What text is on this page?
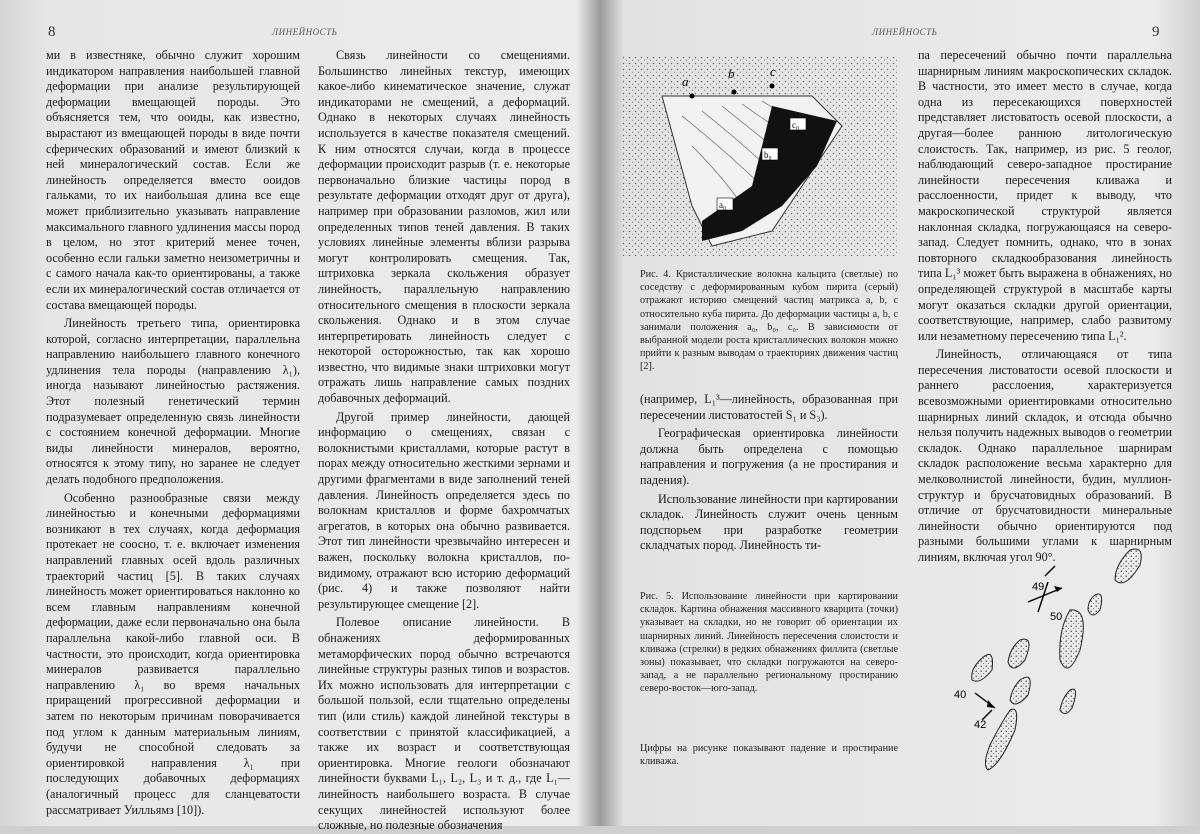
8	ЛИНЕЙНОСТЬ

ми в известняке, обычно служит хорошим индикатором направления наибольшей главной деформации при анализе результирующей деформации вмещающей породы. Это объясняется тем, что ооиды, как известно, вырастают из вмещающей породы в виде почти сферических образований и имеют близкий к ней минералогический состав. Если же линейность определяется вместо ооидов гальками, то их наибольшая длина все еще может приблизительно указывать направление максимального главного удлинения массы пород в целом, но этот критерий менее точен, особенно если гальки заметно неизометричны и с самого начала как-то ориентированы, а также если их минералогический состав отличается от состава вмещающей породы.

Линейность третьего типа, ориентировка которой, согласно интерпретации, параллельна направлению наибольшего главного конечного удлинения тела породы (направлению λ₁), иногда называют линейностью растяжения. Этот полезный генетический термин подразумевает определенную связь линейности с состоянием конечной деформации. Многие виды линейности минералов, вероятно, относятся к этому типу, но заранее не следует делать подобного предположения.

Особенно разнообразные связи между линейностью и конечными деформациями возникают в тех случаях, когда деформация протекает не соосно, т. е. включает изменения направлений главных осей вдоль различных траекторий частиц [5]. В таких случаях линейность может ориентироваться наклонно ко всем главным направлениям конечной деформации, даже если первоначально она была параллельна какой-либо главной оси. В частности, это происходит, когда ориентировка минералов развивается параллельно направлению λ₁ во время начальных приращений прогрессивной деформации и затем по некоторым причинам поворачивается под углом к данным материальным линиям, будучи не способной следовать за ориентировкой направления λ₁ при последующих добавочных деформациях (аналогичный процесс для сланцеватости рассматривает Уилльямз [10]).

Связь линейности со смещениями. Большинство линейных текстур, имеющих какое-либо кинематическое значение, служат индикаторами не смещений, а деформаций. Однако в некоторых случаях линейность используется в качестве показателя смещений. К ним относятся случаи, когда в процессе деформации происходит разрыв (т. е. некоторые первоначально близкие частицы пород в результате деформации отходят друг от друга), например при образовании разломов, жил или определенных типов теней давления. В таких условиях линейные элементы вблизи разрыва могут контролировать смещения. Так, штриховка зеркала скольжения образует линейность, параллельную направлению относительного смещения в плоскости зеркала скольжения. Однако и в этом случае интерпретировать линейность следует с некоторой осторожностью, так как хорошо известно, что видимые знаки штриховки могут отражать лишь направление самых поздних добавочных деформаций.

Другой пример линейности, дающей информацию о смещениях, связан с волокнистыми кристаллами, которые растут в порах между относительно жесткими зернами и другими фрагментами в виде заполнений теней давления. Линейность определяется здесь по волокнам кристаллов и форме бахромчатых агрегатов, в которых она обычно развивается. Этот тип линейности чрезвычайно интересен и важен, поскольку волокна кристаллов, по-видимому, отражают всю историю деформаций (рис. 4) и также позволяют найти результирующее смещение [2].

Полевое описание линейности. В обнажениях деформированных метаморфических пород обычно встречаются линейные структуры разных типов и возрастов. Их можно использовать для интерпретации с большой пользой, если тщательно определены тип (или стиль) каждой линейной текстуры в соответствии с принятой классификацией, а также их возраст и соответствующая ориентировка. Многие геологи обозначают линейности буквами L₁, L₂, L₃ и т. д., где L₁—линейность наибольшего возраста. В случае секущих линейностей используют более сложные, но полезные обозначения

ЛИНЕЙНОСТЬ	9
a
b	c
a₀
b₀
c₀
Рис. 4. Кристаллические волокна кальцита (светлые) по соседству с деформированным кубом пирита (серый) отражают историю смещений частиц матрикса a, b, c относительно куба пирита. До деформации частицы a, b, c занимали положения a₀, b₀, c₀. В зависимости от выбранной модели роста кристаллических волокон можно прийти к разным выводам о траекториях движения частиц [2].

(например, L₁³—линейность, образованная при пересечении листоватостей S₁ и S₃).

Географическая ориентировка линейности должна быть определена с помощью направления и погружения (а не простирания и падения).

Использование линейности при картировании складок. Линейность служит очень ценным подспорьем при разработке геометрии складчатых пород. Линейность ти-

Рис. 5. Использование линейности при картировании складок. Картина обнажения массивного кварцита (точки) указывает на складки, но не говорит об ориентации их шарнирных линий. Линейность пересечения слоистости и кливажа (стрелки) в редких обнажениях филлита (светлые зоны) показывает, что складки погружаются на северо-запад, а не параллельно региональному простиранию северо-восток—юго-запад.
Цифры на рисунке показывают падение и простирание кливажа.

па пересечений обычно почти параллельна шарнирным линиям макроскопических складок. В частности, это имеет место в случае, когда одна из пересекающихся поверхностей представляет листоватость осевой плоскости, а другая—более раннюю литологическую слоистость. Так, например, из рис. 5 геолог, наблюдающий северо-западное простирание линейности пересечения кливажа и расслоенности, придет к выводу, что макроскопической структурой является наклонная складка, погружающаяся на северо-запад. Следует помнить, однако, что в зонах повторного складкообразования линейность типа L₁³ может быть выражена в обнажениях, но определяющей структурой в масштабе карты могут оказаться складки другой ориентации, соответствующие, например, слабо развитому или незаметному пересечению типа L₁².

Линейность, отличающаяся от типа пересечения листоватости осевой плоскости и раннего расслоения, характеризуется всевозможными ориентировками относительно шарнирных линий складок, и отсюда обычно нельзя получить надежных выводов о геометрии складок. Однако параллельное шарнирам складок расположение весьма характерно для мелковолнистой линейности, будин, муллион-структур и брусчатовидных образований. В отличие от брусчатовидности минеральные линейности обычно ориентируются под разными большими углами к шарнирным линиям, включая угол 90°.

49
50
40
42
